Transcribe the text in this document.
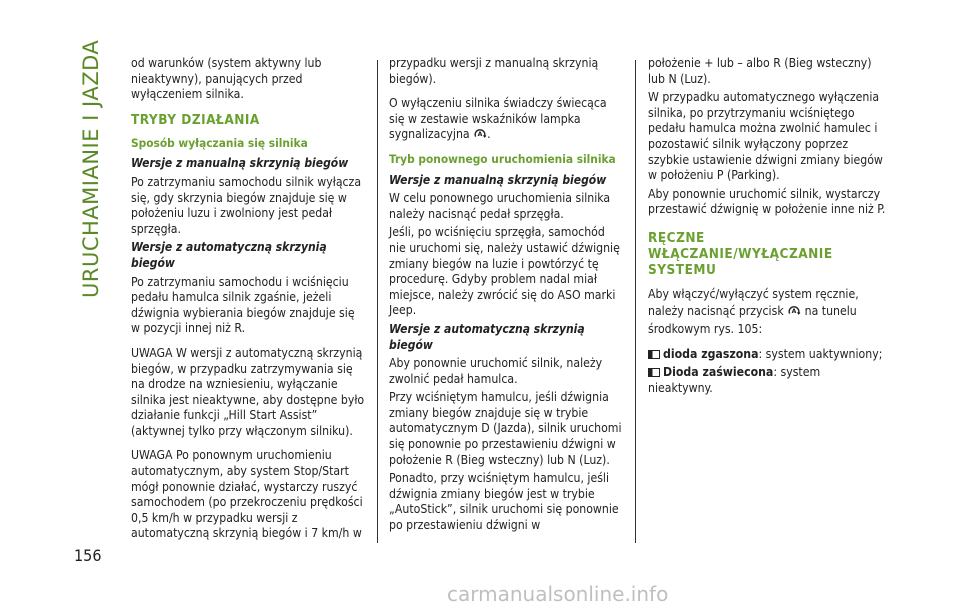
URUCHAMIANIE I JAZDA
156

od warunków (system aktywny lub nieaktywny), panujących przed wyłączeniem silnika.

TRYBY DZIAŁANIA
Sposób wyłączania się silnika
Wersje z manualną skrzynią biegów

Po zatrzymaniu samochodu silnik wyłącza się, gdy skrzynia biegów znajduje się w położeniu luzu i zwolniony jest pedał sprzęgła.

Wersje z automatyczną skrzynią biegów

Po zatrzymaniu samochodu i wciśnięciu pedału hamulca silnik zgaśnie, jeżeli dźwignia wybierania biegów znajduje się w pozycji innej niż R.

UWAGA W wersji z automatyczną skrzynią biegów, w przypadku zatrzymywania się na drodze na wzniesieniu, wyłączanie silnika jest nieaktywne, aby dostępne było działanie funkcji „Hill Start Assist” (aktywnej tylko przy włączonym silniku).

UWAGA Po ponownym uruchomieniu automatycznym, aby system Stop/Start mógł ponownie działać, wystarczy ruszyć samochodem (po przekroczeniu prędkości 0,5 km/h w przypadku wersji z automatyczną skrzynią biegów i 7 km/h w

przypadku wersji z manualną skrzynią biegów).

O wyłączeniu silnika świadczy świecąca się w zestawie wskaźników lampka sygnalizacyjna A .

Tryb ponownego uruchomienia silnika
Wersje z manualną skrzynią biegów

W celu ponownego uruchomienia silnika należy nacisnąć pedał sprzęgła.

Jeśli, po wciśnięciu sprzęgła, samochód nie uruchomi się, należy ustawić dźwignię zmiany biegów na luzie i powtórzyć tę procedurę. Gdyby problem nadal miał miejsce, należy zwrócić się do ASO marki Jeep.

Wersje z automatyczną skrzynią biegów

Aby ponownie uruchomić silnik, należy zwolnić pedał hamulca.

Przy wciśniętym hamulcu, jeśli dźwignia zmiany biegów znajduje się w trybie automatycznym D (Jazda), silnik uruchomi się ponownie po przestawieniu dźwigni w położenie R (Bieg wsteczny) lub N (Luz).

Ponadto, przy wciśniętym hamulcu, jeśli dźwignia zmiany biegów jest w trybie „AutoStick”, silnik uruchomi się ponownie po przestawieniu dźwigni w

położenie + lub – albo R (Bieg wsteczny) lub N (Luz).

W przypadku automatycznego wyłączenia silnika, po przytrzymaniu wciśniętego pedału hamulca można zwolnić hamulec i pozostawić silnik wyłączony poprzez szybkie ustawienie dźwigni zmiany biegów w położeniu P (Parking).

Aby ponownie uruchomić silnik, wystarczy przestawić dźwignię w położenie inne niż P.

RĘCZNE
WŁĄCZANIE/WYŁĄCZANIE
SYSTEMU

Aby włączyć/wyłączyć system ręcznie, należy nacisnąć przycisk A na tunelu środkowym rys. 105:

dioda zgaszona: system uaktywniony;
Dioda zaświecona: system nieaktywny.
carmanualsonline.info
